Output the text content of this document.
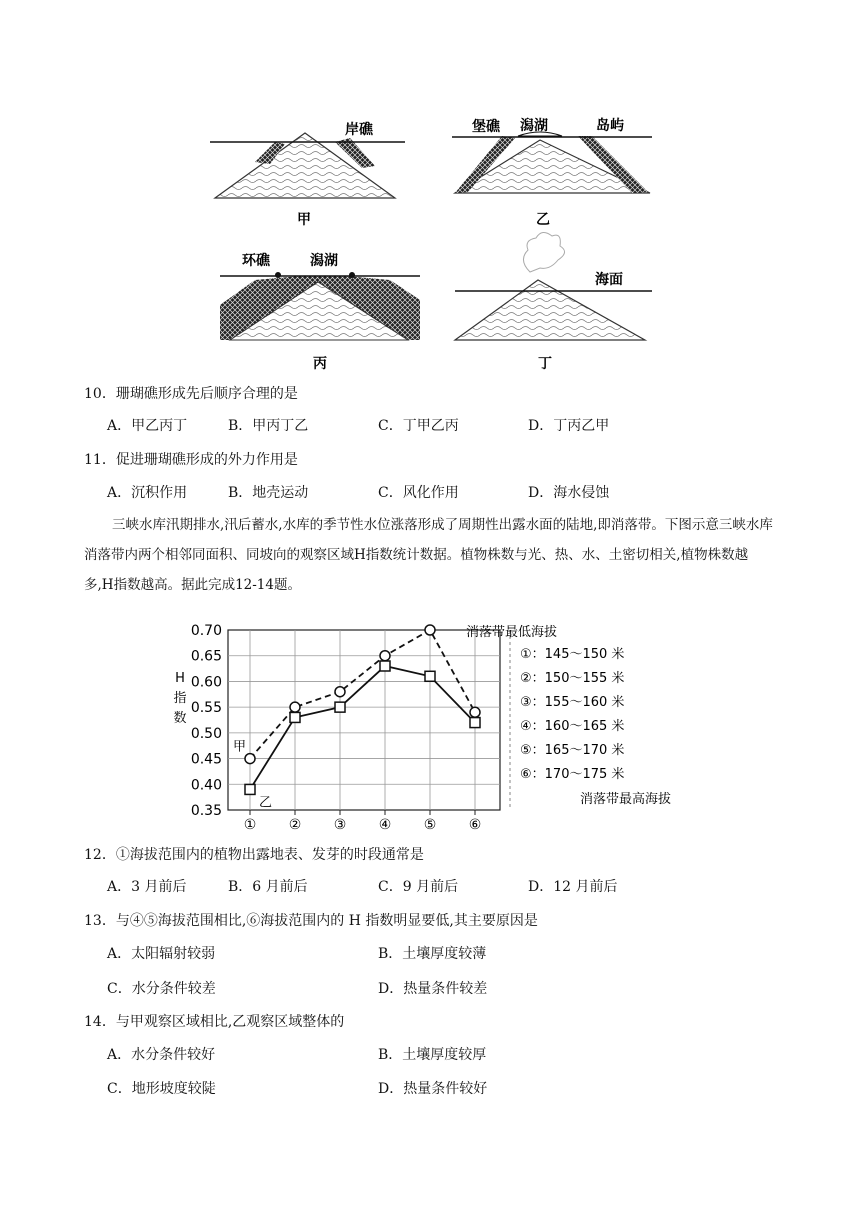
岸礁
甲
堡礁 潟湖	岛屿
乙
环礁	潟湖
丙
海面
丁
10．珊瑚礁形成先后顺序合理的是
A．甲乙丙丁	B．甲丙丁乙	C．丁甲乙丙	D．丁丙乙甲
11．促进珊瑚礁形成的外力作用是
A．沉积作用	B．地壳运动	C．风化作用	D．海水侵蚀
三峡水库汛期排水,汛后蓄水,水库的季节性水位涨落形成了周期性出露水面的陆地,即消落带。下图示意三峡水库消落带内两个相邻同面积、同坡向的观察区域H指数统计数据。植物株数与光、热、水、土密切相关,植物株数越多,H指数越高。据此完成12-14题。
0.35
0.40
0.45
0.50
0.55
0.60
0.65
0.70
① ② ③ ④ ⑤ ⑥
H
指
数
甲
乙
消落带最低海拔
①：145～150 米
②：150～155 米
③：155～160 米
④：160～165 米
⑤：165～170 米
⑥：170～175 米
消落带最高海拔
12．①海拔范围内的植物出露地表、发芽的时段通常是
A．3 月前后	B．6 月前后	C．9 月前后	D．12 月前后
13．与④⑤海拔范围相比,⑥海拔范围内的 H 指数明显要低,其主要原因是
A．太阳辐射较弱	B．土壤厚度较薄
C．水分条件较差	D．热量条件较差
14．与甲观察区域相比,乙观察区域整体的
A．水分条件较好	B．土壤厚度较厚
C．地形坡度较陡	D．热量条件较好
